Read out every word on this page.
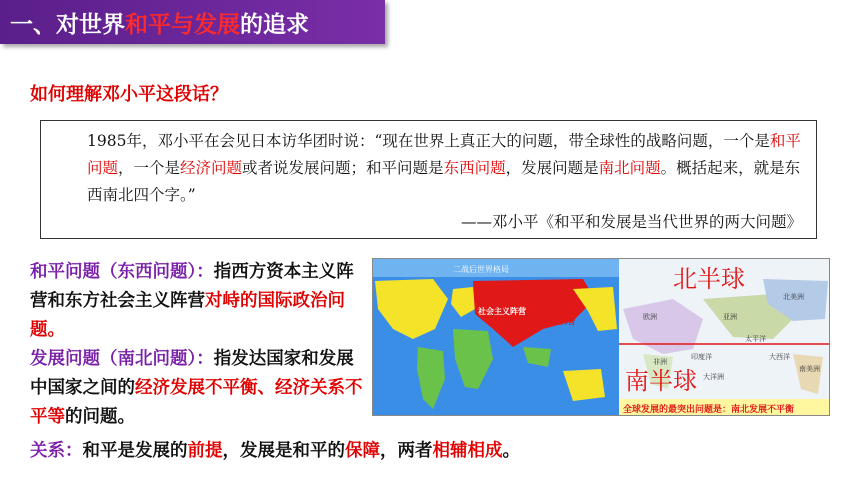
一、对世界 和平与发展 的追求
如何理解邓小平这段话？
1985年，邓小平在会见日本访华团时说：“现在世界上真正大的问题，带全球性的战略问题，一个是和平问题，一个是经济问题或者说发展问题；和平问题是东西问题，发展问题是南北问题。概括起来，就是东西南北四个字。”
——邓小平《和平和发展是当代世界的两大问题》
和平问题（东西问题）：指西方资本主义阵营和东方社会主义阵营对峙的国际政治问题。
发展问题（南北问题）：指发达国家和发展中国家之间的经济发展不平衡、经济关系不平等的问题。
关系：和平是发展的前提，发展是和平的保障，两者相辅相成。
二战后世界格局
社会主义阵营
资本主义阵营
北半球
南半球
欧洲	亚洲
非洲
北美洲
南美洲
大洋洲
太平洋
大西洋
印度洋
全球发展的最突出问题是：南北发展不平衡
